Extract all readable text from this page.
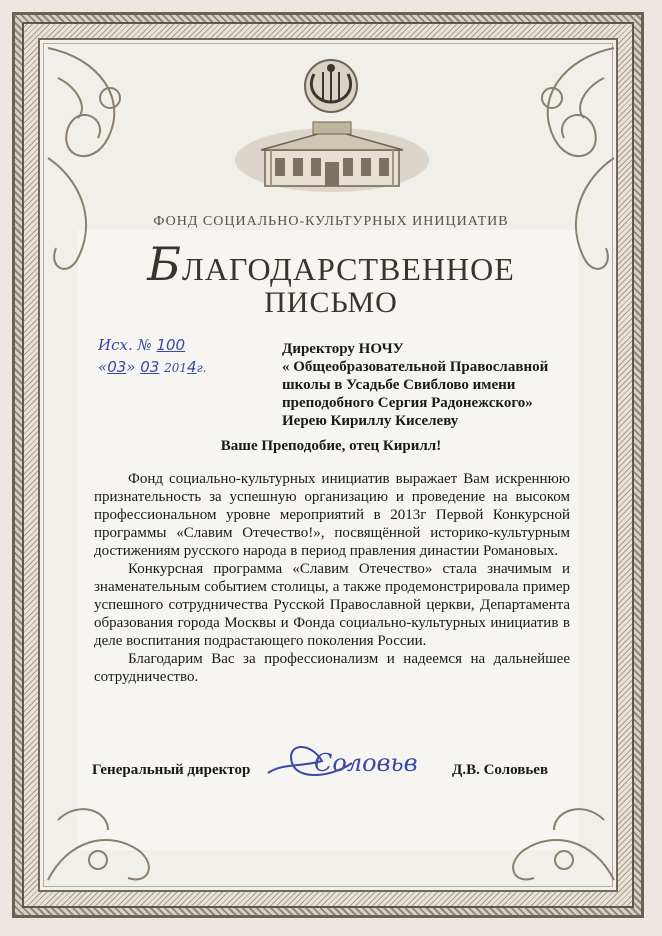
ФОНД СОЦИАЛЬНО-КУЛЬТУРНЫХ ИНИЦИАТИВ
БЛАГОДАРСТВЕННОЕ
ПИСЬМО
Исх. № 100
«03» 03 2014г.
Директору НОЧУ
« Общеобразовательной Православной
школы в Усадьбе Свиблово имени
преподобного Сергия Радонежского»
Иерею Кириллу Киселеву
Ваше Преподобие, отец Кирилл!

Фонд социально-культурных инициатив выражает Вам искреннюю признательность за успешную организацию и проведение на высоком профессиональном уровне мероприятий в 2013г Первой Конкурсной программы «Славим Отечество!», посвящённой историко-культурным достижениям русского народа в период правления династии Романовых.

Конкурсная программа «Славим Отечество» стала значимым и знаменательным событием столицы, а также продемонстрировала пример успешного сотрудничества Русской Православной церкви, Департамента образования города Москвы и Фонда социально-культурных инициатив в деле воспитания подрастающего поколения России.

Благодарим Вас за профессионализм и надеемся на дальнейшее сотрудничество.

Генеральный директор	Соловьв Д.В. Соловьев
